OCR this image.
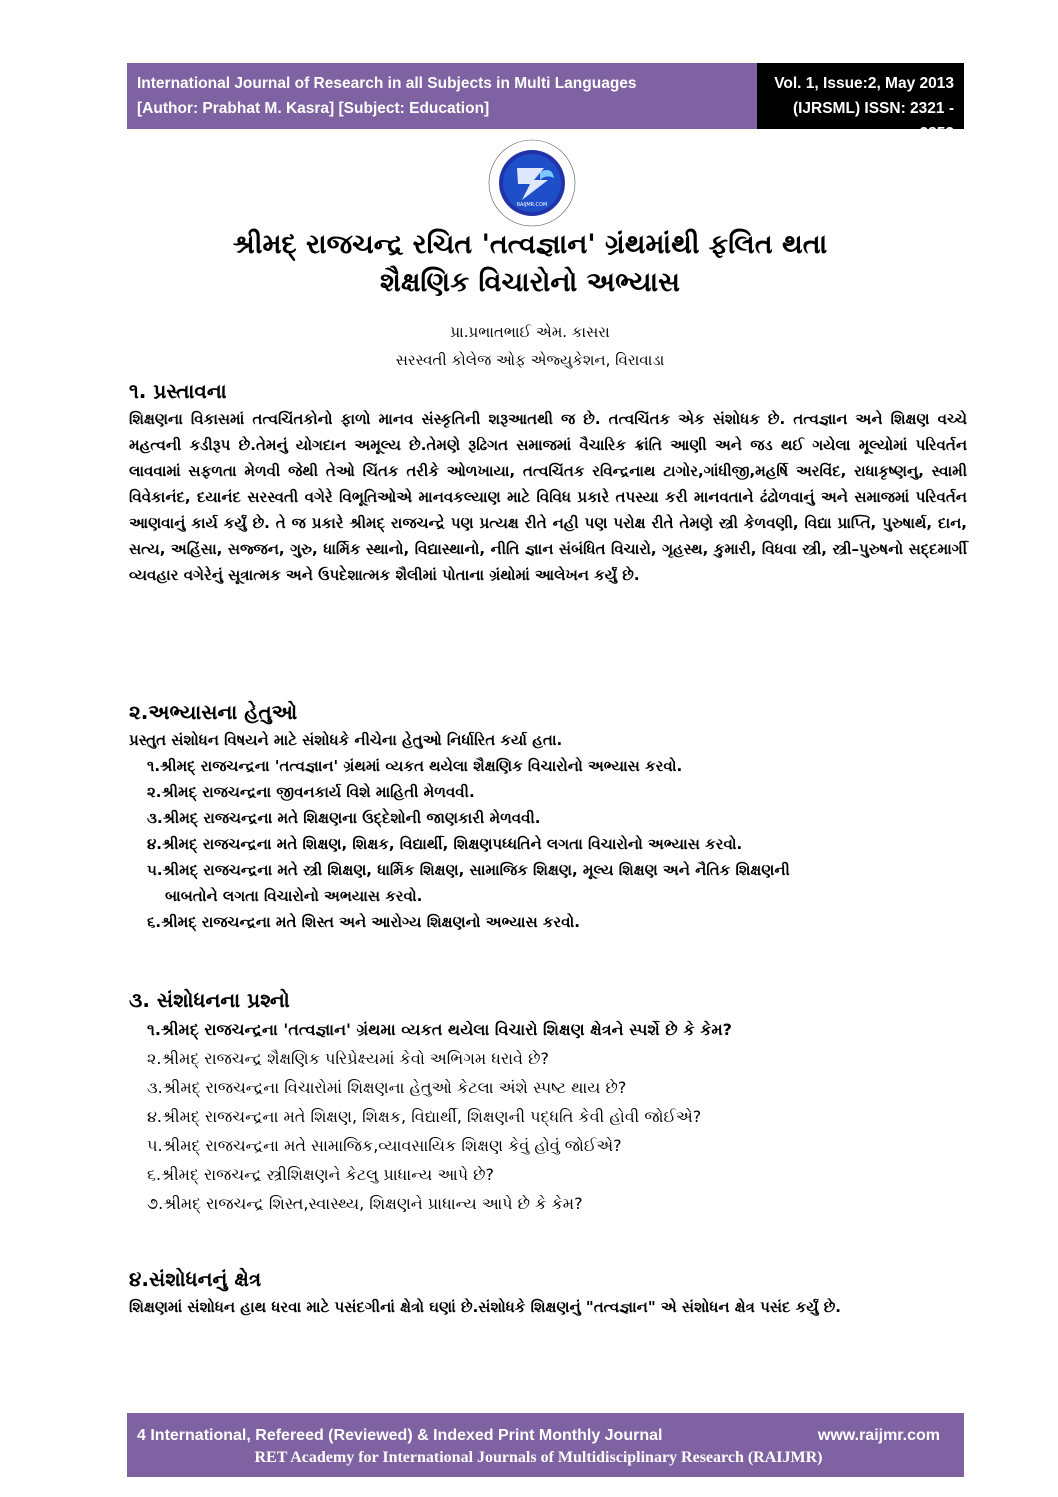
International Journal of Research in all Subjects in Multi Languages
[Author: Prabhat M. Kasra] [Subject: Education]
Vol. 1, Issue:2, May 2013
(IJRSML) ISSN: 2321 - 2853
RAIJMR.COM
શ્રીમદ્ રાજચન્દ્ર રચિત 'તત્વજ્ઞાન' ગ્રંથમાંથી ફલિત થતા
શૈક્ષણિક વિચારોનો અભ્યાસ
પ્રા.પ્રભાતભાઈ એમ. કાસરા
સરસ્વતી કોલેજ ઓફ એજ્યુકેશન, વિરાવાડા
૧. પ્રસ્તાવના
શિક્ષણના વિકાસમાં તત્વચિંતકોનો ફાળો માનવ સંસ્કૃતિની શરૂઆતથી જ છે. તત્વચિંતક એક સંશોધક છે. તત્વજ્ઞાન અને શિક્ષણ વચ્ચે મહત્વની કડીરૂપ છે.તેમનું યોગદાન અમૂલ્ય છે.તેમણે રૂઢિગત સમાજમાં વૈચારિક ક્રાંતિ આણી અને જડ થઈ ગયેલા મૂલ્યોમાં પરિવર્તન લાવવામાં સફળતા મેળવી જેથી તેઓ ચિંતક તરીકે ઓળખાયા, તત્વચિંતક રવિન્દ્રનાથ ટાગોર,ગાંધીજી,મહર્ષિ અરવિંદ, રાધાકૃષ્ણનુ, સ્વામી વિવેકાનંદ, દયાનંદ સરસ્વતી વગેરે વિભૂતિઓએ માનવકલ્યાણ માટે વિવિધ પ્રકારે તપસ્યા કરી માનવતાને ઢંઢોળવાનું અને સમાજમાં પરિવર્તન આણવાનું કાર્ય કર્યું છે. તે જ પ્રકારે શ્રીમદ્ રાજચન્દ્રે પણ પ્રત્યક્ષ રીતે નહી પણ પરોક્ષ રીતે તેમણે સ્ત્રી કેળવણી, વિદ્યા પ્રાપ્તિ, પુરુષાર્થ, દાન, સત્ય, અહિંસા, સજ્જન, ગુરુ, ધાર્મિક સ્થાનો, વિદ્યાસ્થાનો, નીતિ જ્ઞાન સંબંધિત વિચારો, ગૃહસ્થ, કુમારી, વિધવા સ્ત્રી, સ્ત્રી–પુરુષનો સદ્દમાર્ગી વ્યવહાર વગેરેનું સૂત્રાત્મક અને ઉપદેશાત્મક શૈલીમાં પોતાના ગ્રંથોમાં આલેખન કર્યું છે.
૨.અભ્યાસના હેતુઓ
પ્રસ્તુત સંશોધન વિષયને માટે સંશોધકે નીચેના હેતુઓ નિર્ધારિત કર્યા હતા.
૧.શ્રીમદ્ રાજચન્દ્રના 'તત્વજ્ઞાન' ગ્રંથમાં વ્યકત થયેલા શૈક્ષણિક વિચારોનો અભ્યાસ કરવો.
૨.શ્રીમદ્ રાજચન્દ્રના જીવનકાર્ય વિશે માહિતી મેળવવી.
૩.શ્રીમદ્ રાજચન્દ્રના મતે શિક્ષણના ઉદ્દેશોની જાણકારી મેળવવી.
૪.શ્રીમદ્ રાજચન્દ્રના મતે શિક્ષણ, શિક્ષક, વિદ્યાર્થી, શિક્ષણપધ્ધતિને લગતા વિચારોનો અભ્યાસ કરવો.
૫.શ્રીમદ્ રાજચન્દ્રના મતે સ્ત્રી શિક્ષણ, ધાર્મિક શિક્ષણ, સામાજિક શિક્ષણ, મૂલ્ય શિક્ષણ અને નૈતિક શિક્ષણની
બાબતોને લગતા વિચારોનો અભયાસ કરવો.
૬.શ્રીમદ્ રાજચન્દ્રના મતે શિસ્ત અને આરોગ્ય શિક્ષણનો અભ્યાસ કરવો.
૩. સંશોધનના પ્રશ્નો
૧.શ્રીમદ્ રાજચન્દ્રના 'તત્વજ્ઞાન' ગ્રંથમા વ્યકત થયેલા વિચારો શિક્ષણ ક્ષેત્રને સ્પર્શે છે કે કેમ?
૨.શ્રીમદ્ રાજચન્દ્ર શૈક્ષણિક પરિપ્રેક્ષ્યમાં કેવો અભિગમ ધરાવે છે?
૩.શ્રીમદ્ રાજચન્દ્રના વિચારોમાં શિક્ષણના હેતુઓ કેટલા અંશે સ્પષ્ટ થાય છે?
૪.શ્રીમદ્ રાજચન્દ્રના મતે શિક્ષણ, શિક્ષક, વિદ્યાર્થી, શિક્ષણની પદ્ધતિ કેવી હોવી જોઈએ?
૫.શ્રીમદ્ રાજચન્દ્રના મતે સામાજિક,વ્યાવસાયિક શિક્ષણ કેવું હોવું જોઈએ?
૬.શ્રીમદ્ રાજચન્દ્ર સ્ત્રીશિક્ષણને કેટલુ પ્રાધાન્ય આપે છે?
૭.શ્રીમદ્ રાજચન્દ્ર શિસ્ત,સ્વાસ્થ્ય, શિક્ષણને પ્રાધાન્ય આપે છે કે કેમ?
૪.સંશોધનનું ક્ષેત્ર
શિક્ષણમાં સંશોધન હાથ ધરવા માટે પસંદગીનાં ક્ષેત્રો ઘણાં છે.સંશોધકે શિક્ષણનું "તત્વજ્ઞાન" એ સંશોધન ક્ષેત્ર પસંદ કર્યું છે.
4 International, Refereed (Reviewed) & Indexed Print Monthly Journal	www.raijmr.com
RET Academy for International Journals of Multidisciplinary Research (RAIJMR)
